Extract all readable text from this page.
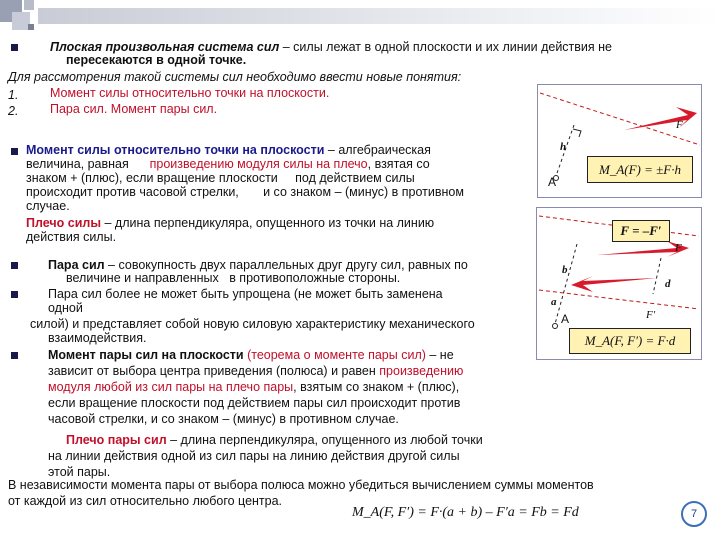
Плоская произвольная система сил – силы лежат в одной плоскости и их линии действия не
пересекаются в одной точке.
Для рассмотрения такой системы сил необходимо ввести новые понятия:
1.	Момент силы относительно точки на плоскости.
2.	Пара сил. Момент пары сил.
F
h
A
M_A(F) = ±F·h
Момент силы относительно точки на плоскости – алгебраическая
величина, равная произведению модуля силы на плечо, взятая со
знаком + (плюс), если вращение плоскости под действием силы
происходит против часовой стрелки, и со знаком – (минус) в противном
случае.
Плечо силы – длина перпендикуляра, опущенного из точки на линию
действия силы.	F = –F′
F
F′
b
a
d
A
M_A(F, F′) = F·d
Пара сил – совокупность двух параллельных друг другу сил, равных по
величине и направленных в противоположные стороны.
Пара сил более не может быть упрощена (не может быть заменена
одной
силой) и представляет собой новую силовую характеристику механического
взаимодействия.
Момент пары сил на плоскости (теорема о моменте пары сил) – не
зависит от выбора центра приведения (полюса) и равен произведению
модуля любой из сил пары на плечо пары, взятым со знаком + (плюс),
если вращение плоскости под действием пары сил происходит против
часовой стрелки, и со знаком – (минус) в противном случае.
Плечо пары сил – длина перпендикуляра, опущенного из любой точки
на линии действия одной из сил пары на линию действия другой силы
этой пары.
В независимости момента пары от выбора полюса можно убедиться вычислением суммы моментов
от каждой из сил относительно любого центра.
M_A(F, F′) = F·(a + b) – F′a = Fb = Fd	7
